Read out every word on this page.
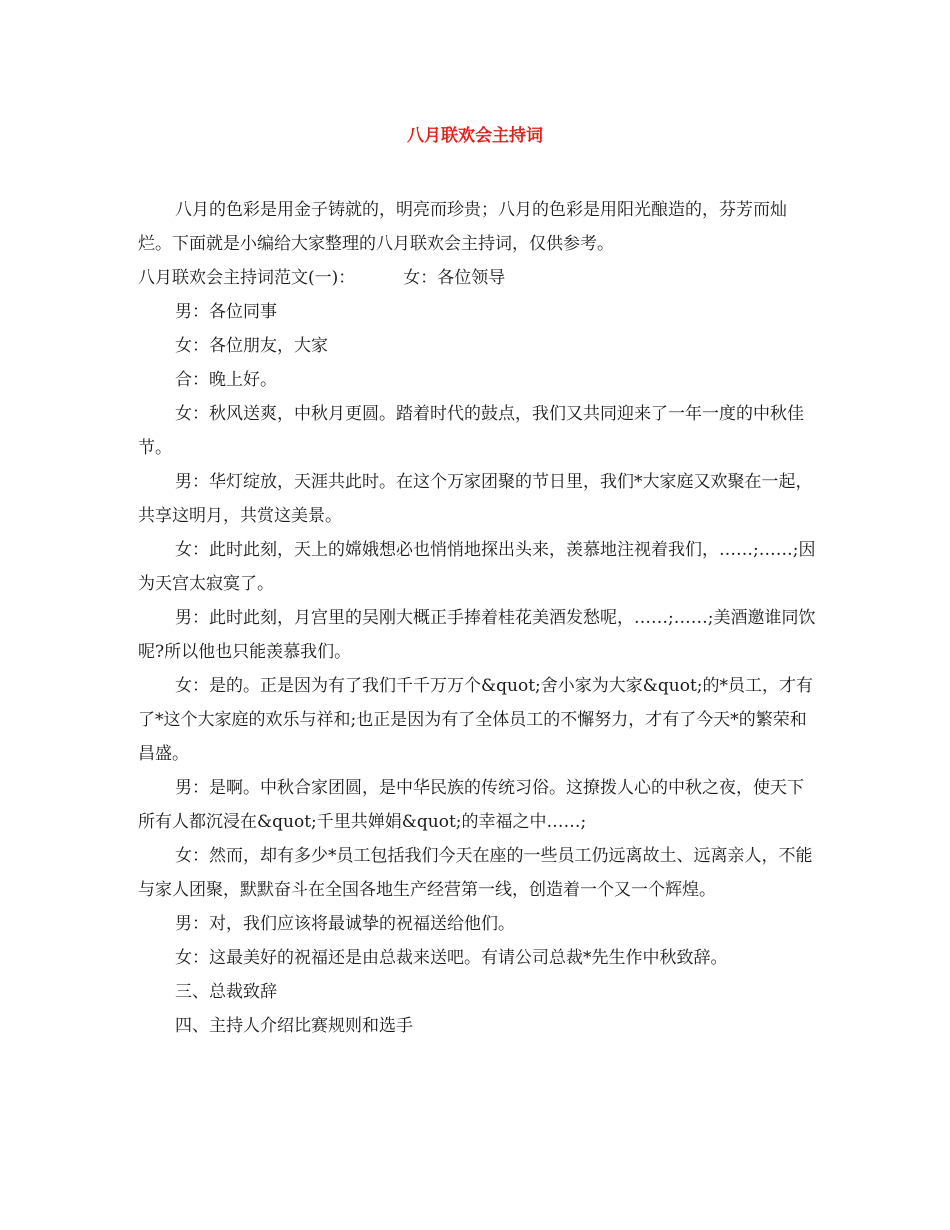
八月联欢会主持词

八月的色彩是用金子铸就的，明亮而珍贵；八月的色彩是用阳光酿造的，芬芳而灿烂。下面就是小编给大家整理的八月联欢会主持词，仅供参考。

八月联欢会主持词范文(一)：	女：各位领导

男：各位同事

女：各位朋友，大家

合：晚上好。

女：秋风送爽，中秋月更圆。踏着时代的鼓点，我们又共同迎来了一年一度的中秋佳节。

男：华灯绽放，天涯共此时。在这个万家团聚的节日里，我们*大家庭又欢聚在一起，共享这明月，共赏这美景。

女：此时此刻，天上的嫦娥想必也悄悄地探出头来，羡慕地注视着我们，……;……;因为天宫太寂寞了。

男：此时此刻，月宫里的吴刚大概正手捧着桂花美酒发愁呢，……;……;美酒邀谁同饮呢?所以他也只能羡慕我们。

女：是的。正是因为有了我们千千万万个&quot;舍小家为大家&quot;的*员工，才有了*这个大家庭的欢乐与祥和;也正是因为有了全体员工的不懈努力，才有了今天*的繁荣和昌盛。

男：是啊。中秋合家团圆，是中华民族的传统习俗。这撩拨人心的中秋之夜，使天下所有人都沉浸在&quot;千里共婵娟&quot;的幸福之中……;

女：然而，却有多少*员工包括我们今天在座的一些员工仍远离故土、远离亲人，不能与家人团聚，默默奋斗在全国各地生产经营第一线，创造着一个又一个辉煌。

男：对，我们应该将最诚挚的祝福送给他们。

女：这最美好的祝福还是由总裁来送吧。有请公司总裁*先生作中秋致辞。

三、总裁致辞

四、主持人介绍比赛规则和选手
